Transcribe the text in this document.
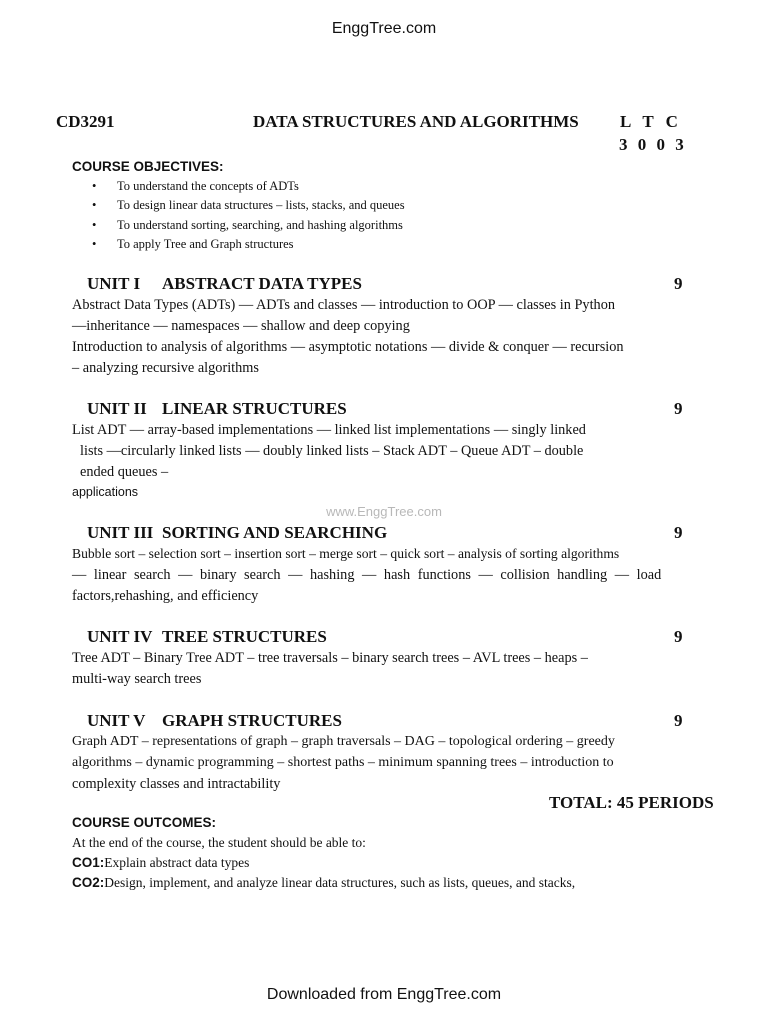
EnggTree.com
CD3291	DATA STRUCTURES AND ALGORITHMS L T C
3 0 0 3
COURSE OBJECTIVES:
• To understand the concepts of ADTs
• To design linear data structures – lists, stacks, and queues
• To understand sorting, searching, and hashing algorithms
• To apply Tree and Graph structures
UNIT I ABSTRACT DATA TYPES	9
Abstract Data Types (ADTs) — ADTs and classes — introduction to OOP — classes in Python
—inheritance — namespaces — shallow and deep copying
Introduction to analysis of algorithms — asymptotic notations — divide & conquer — recursion
– analyzing recursive algorithms
UNIT II LINEAR STRUCTURES	9
List ADT — array-based implementations — linked list implementations — singly linked
lists —circularly linked lists — doubly linked lists – Stack ADT – Queue ADT – double
ended queues –
applications
www.EnggTree.com
UNIT III SORTING AND SEARCHING	9
Bubble sort – selection sort – insertion sort – merge sort – quick sort – analysis of sorting algorithms
— linear search — binary search — hashing — hash functions — collision handling — load
factors,rehashing, and efficiency
UNIT IV TREE STRUCTURES	9
Tree ADT – Binary Tree ADT – tree traversals – binary search trees – AVL trees – heaps –
multi-way search trees
UNIT V GRAPH STRUCTURES	9
Graph ADT – representations of graph – graph traversals – DAG – topological ordering – greedy
algorithms – dynamic programming – shortest paths – minimum spanning trees – introduction to
complexity classes and intractability
TOTAL: 45 PERIODS
COURSE OUTCOMES:
At the end of the course, the student should be able to:
CO1:Explain abstract data types
CO2:Design, implement, and analyze linear data structures, such as lists, queues, and stacks,
Downloaded from EnggTree.com
